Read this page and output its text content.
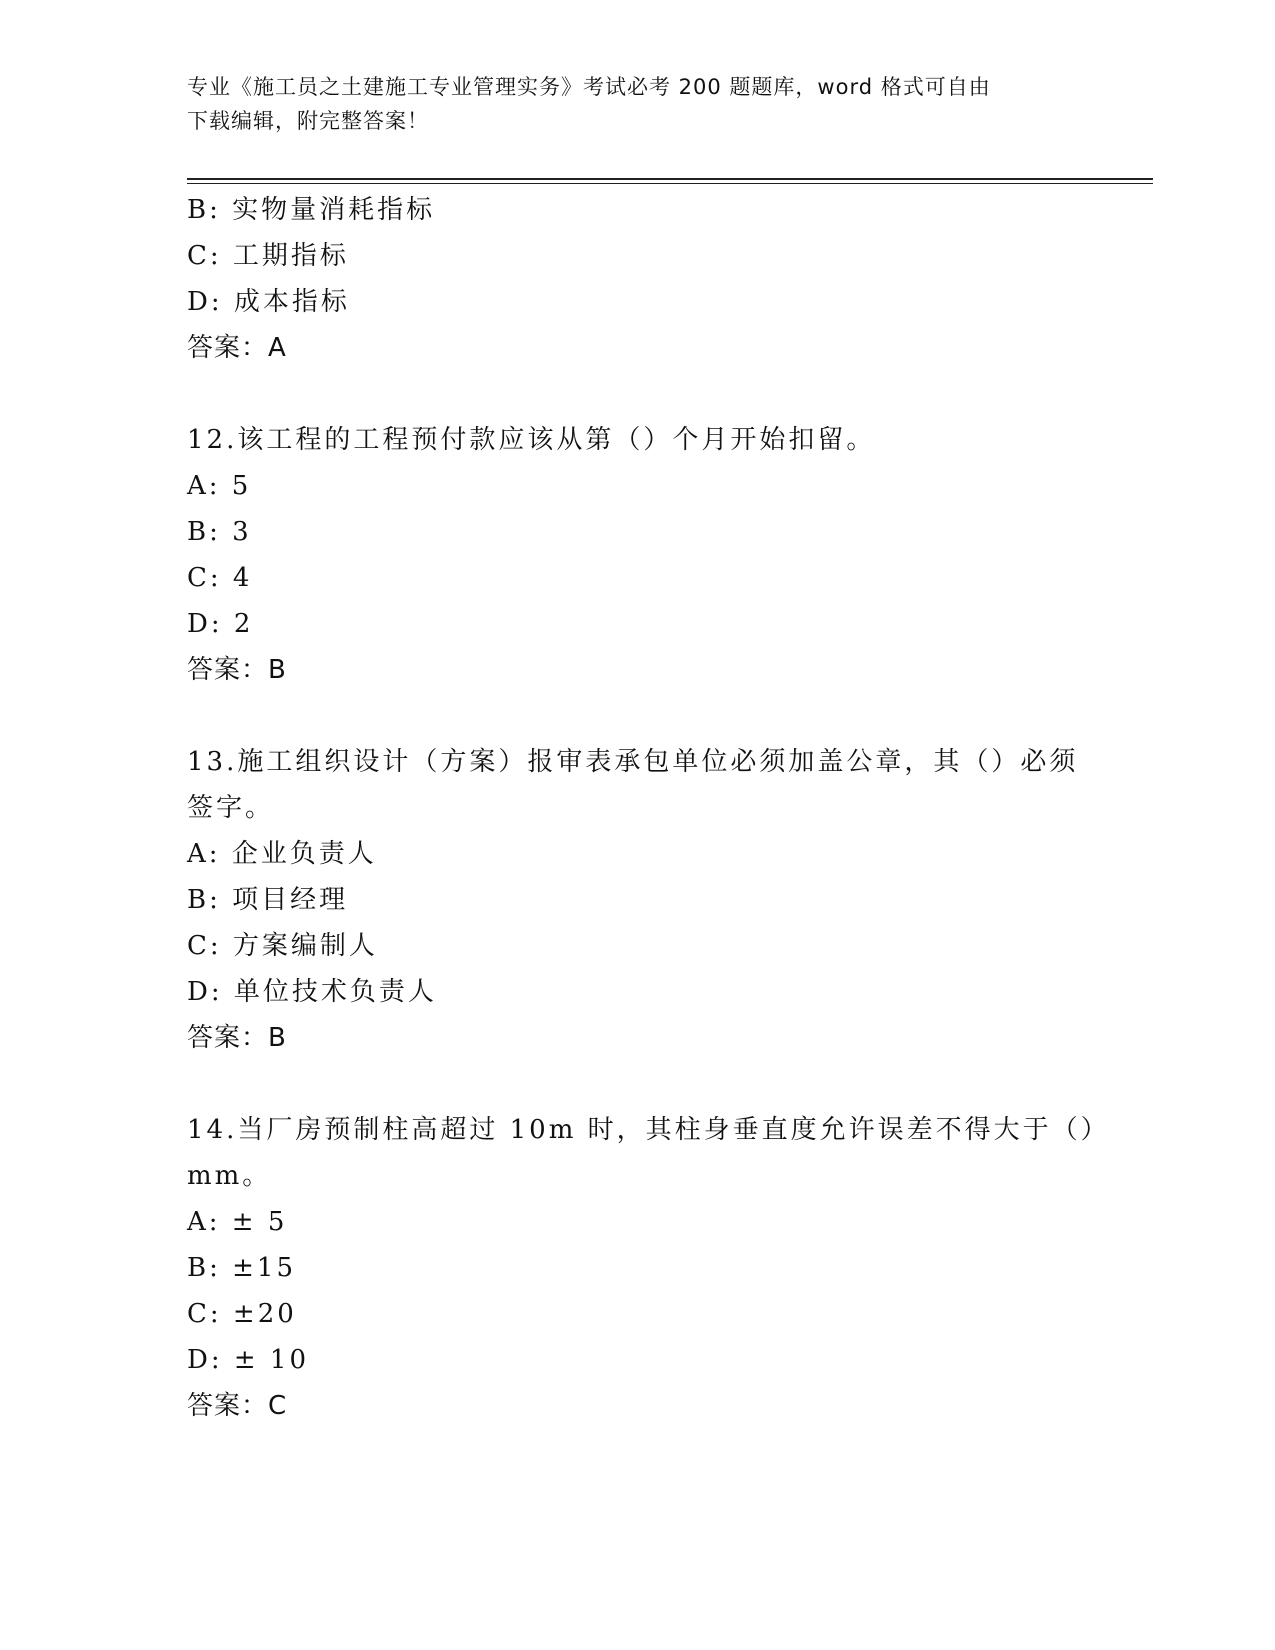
专业《施工员之土建施工专业管理实务》考试必考 200 题题库，word 格式可自由
下载编辑，附完整答案！
B: 实物量消耗指标
C: 工期指标
D: 成本指标
答案：A
12.该工程的工程预付款应该从第（）个月开始扣留。
A: 5
B: 3
C: 4
D: 2
答案：B
13.施工组织设计（方案）报审表承包单位必须加盖公章，其（）必须
签字。
A: 企业负责人
B: 项目经理
C: 方案编制人
D: 单位技术负责人
答案：B
14.当厂房预制柱高超过 10m 时，其柱身垂直度允许误差不得大于（）
mm。
A: ± 5
B: ±15
C: ±20
D: ± 10
答案：C
